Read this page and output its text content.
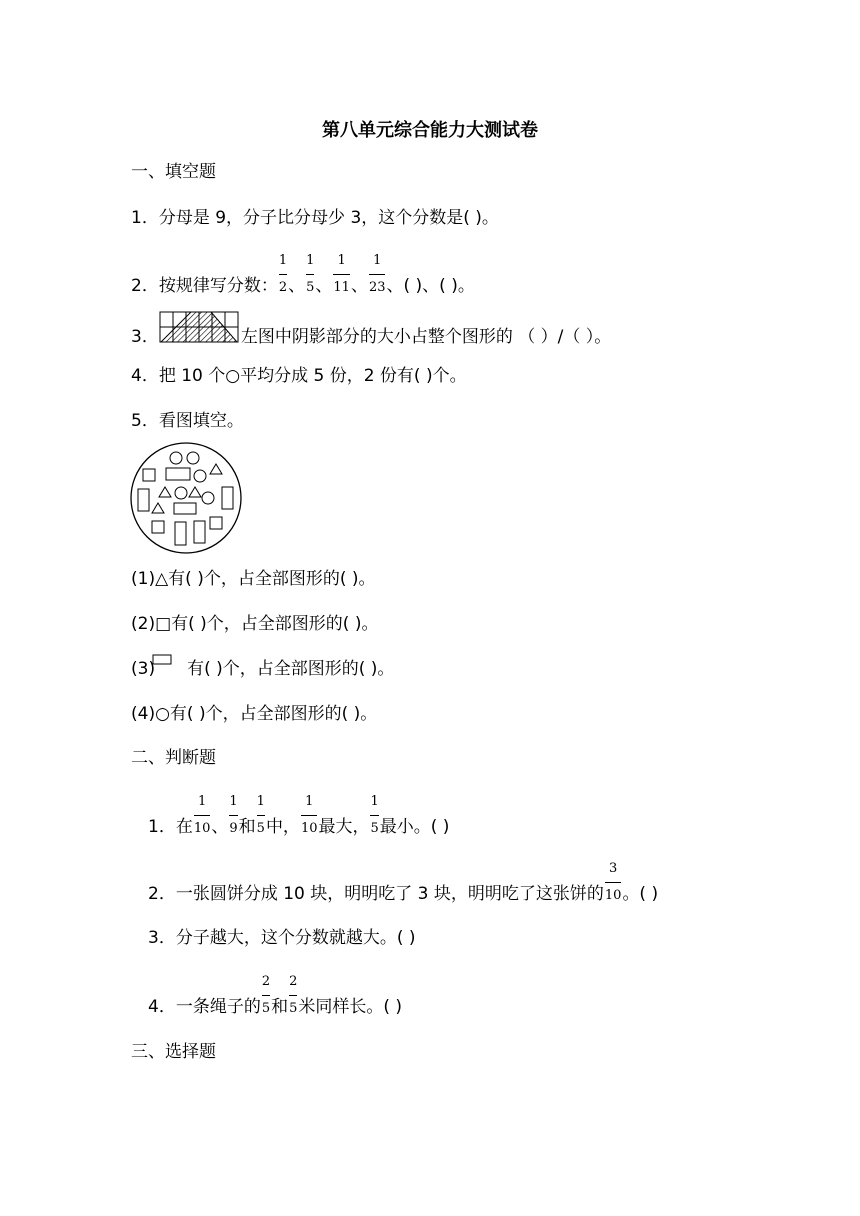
第八单元综合能力大测试卷
一、填空题
1．分母是 9，分子比分母少 3，这个分数是( )。
2．按规律写分数： $\frac{1}{2}$ 、 $\frac{1}{5}$ 、 $\frac{1}{11}$ 、 $\frac{1}{23}$ 、( )、( )。
3．	左图中阴影部分的大小占整个图形的 （ ）/（ ）。
4．把 10 个○平均分成 5 份，2 份有( )个。
5．看图填空。
(1)△有( )个，占全部图形的( )。
(2)□有( )个，占全部图形的( )。
(3) 有( )个，占全部图形的( )。
(4)○有( )个，占全部图形的( )。
二、判断题
1．在 $\frac{1}{10}$ 、 $\frac{1}{9}$ 和 $\frac{1}{5}$ 中， $\frac{1}{10}$ 最大， $\frac{1}{5}$ 最小。( )
2．一张圆饼分成 10 块，明明吃了 3 块，明明吃了这张饼的 $\frac{3}{10}$ 。( )
3．分子越大，这个分数就越大。( )
4．一条绳子的 $\frac{2}{5}$ 和 $\frac{2}{5}$ 米同样长。( )
三、选择题
